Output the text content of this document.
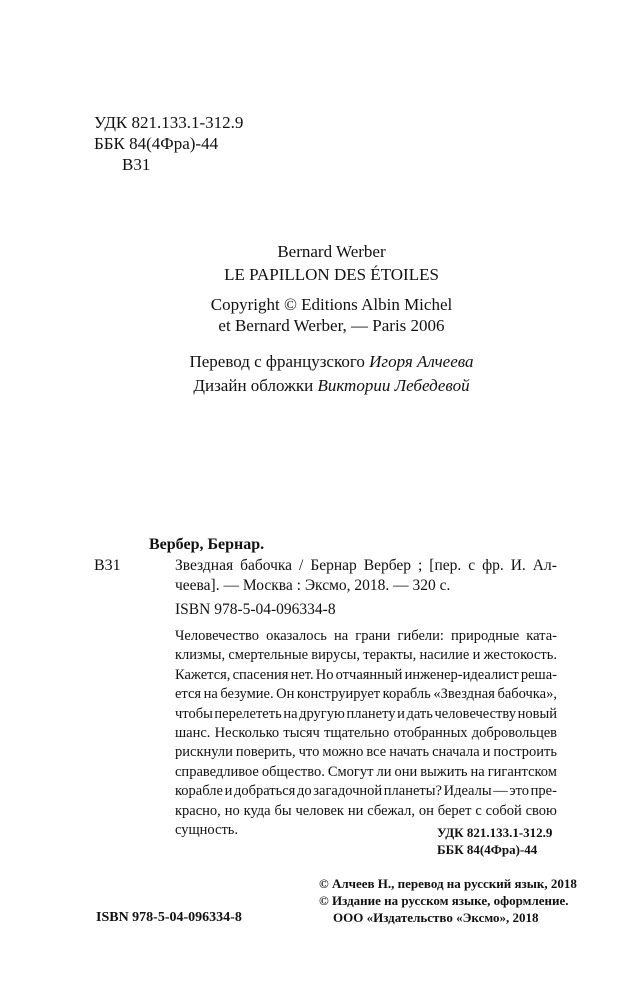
УДК 821.133.1-312.9
ББК 84(4Фра)-44
В31
Bernard Werber
LE PAPILLON DES ÉTOILES
Copyright © Editions Albin Michel
et Bernard Werber, — Paris 2006
Перевод с французского Игоря Алчеева
Дизайн обложки Виктории Лебедевой
Вербер, Бернар.
В31	Звездная бабочка / Бернар Вербер ; [пер. с фр. И. Ал-
чеева]. — Москва : Эксмо, 2018. — 320 с.
ISBN 978-5-04-096334-8
Человечество оказалось на грани гибели: природные ката-
клизмы, смертельные вирусы, теракты, насилие и жестокость.
Кажется, спасения нет. Но отчаянный инженер-идеалист реша-
ется на безумие. Он конструирует корабль «Звездная бабочка»,
чтобы перелететь на другую планету и дать человечеству новый
шанс. Несколько тысяч тщательно отобранных добровольцев
рискнули поверить, что можно все начать сначала и построить
справедливое общество. Смогут ли они выжить на гигантском
корабле и добраться до загадочной планеты? Идеалы — это пре-
красно, но куда бы человек ни сбежал, он берет с собой свою
сущность.	УДК 821.133.1-312.9
ББК 84(4Фра)-44
© Алчеев Н., перевод на русский язык, 2018
© Издание на русском языке, оформление.
ISBN 978-5-04-096334-8	ООО «Издательство «Эксмо», 2018
